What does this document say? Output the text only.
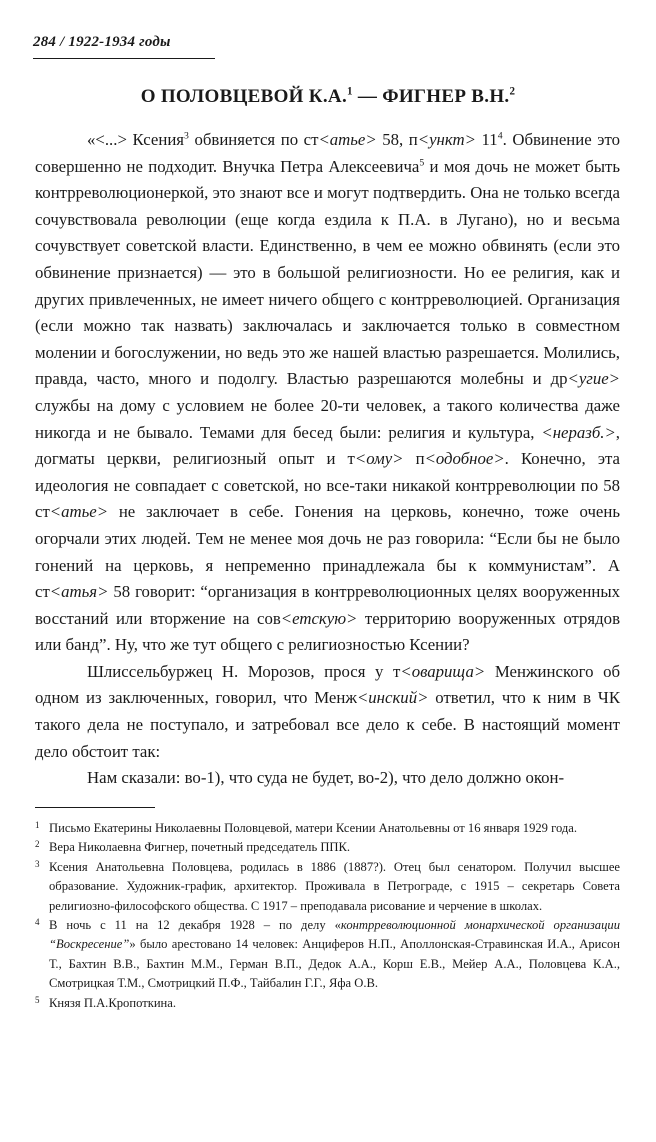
284 / 1922-1934 годы
О ПОЛОВЦЕВОЙ К.А.$^1$ — ФИГНЕР В.Н.$^2$

«<...> Ксения$^3$ обвиняется по ст<атье> 58, п<ункт> $11^4$. Обвинение это совершенно не подходит. Внучка Петра Алексеевича$^5$ и моя дочь не может быть контрреволюционеркой, это знают все и могут подтвердить. Она не только всегда сочувствовала революции (еще когда ездила к П.А. в Лугано), но и весьма сочувствует советской власти. Единственно, в чем ее можно обвинять (если это обвинение признается) — это в большой религиозности. Но ее религия, как и других привлеченных, не имеет ничего общего с контрреволюцией. Организация (если можно так назвать) заключалась и заключается только в совместном молении и богослужении, но ведь это же нашей властью разрешается. Молились, правда, часто, много и подолгу. Властью разрешаются молебны и др<угие> службы на дому с условием не более 20-ти человек, а такого количества даже никогда и не бывало. Темами для бесед были: религия и культура, <неразб.>, догматы церкви, религиозный опыт и т<ому> п<одобное>. Конечно, эта идеология не совпадает с советской, но все-таки никакой контрреволюции по 58 ст<атье> не заключает в себе. Гонения на церковь, конечно, тоже очень огорчали этих людей. Тем не менее моя дочь не раз говорила: “Если бы не было гонений на церковь, я непременно принадлежала бы к коммунистам”. А ст<атья> 58 говорит: “организация в контрреволюционных целях вооруженных восстаний или вторжение на сов<етскую> территорию вооруженных отрядов или банд”. Ну, что же тут общего с религиозностью Ксении?

Шлиссельбуржец Н. Морозов, прося у т<оварища> Менжинского об одном из заключенных, говорил, что Менж<инский> ответил, что к ним в ЧК такого дела не поступало, и затребовал все дело к себе. В настоящий момент дело обстоит так:

Нам сказали: во-1), что суда не будет, во-2), что дело должно окон-

1 Письмо Екатерины Николаевны Половцевой, матери Ксении Анатольевны от 16 января 1929 года.
2 Вера Николаевна Фигнер, почетный председатель ППК.
3 Ксения Анатольевна Половцева, родилась в 1886 (1887?). Отец был сенатором. Получил высшее образование. Художник-график, архитектор. Проживала в Петрограде, с 1915 – секретарь Совета религиозно-философского общества. С 1917 – преподавала рисование и черчение в школах.
4 В ночь с 11 на 12 декабря 1928 – по делу «контрреволюционной монархической организации “Воскресение”» было арестовано 14 человек: Анциферов Н.П., Аполлонская-Стравинская И.А., Арисон Т., Бахтин В.В., Бахтин М.М., Герман В.П., Дедок А.А., Корш Е.В., Мейер А.А., Половцева К.А., Смотрицкая Т.М., Смотрицкий П.Ф., Тайбалин Г.Г., Яфа О.В.
5 Князя П.А.Кропоткина.
